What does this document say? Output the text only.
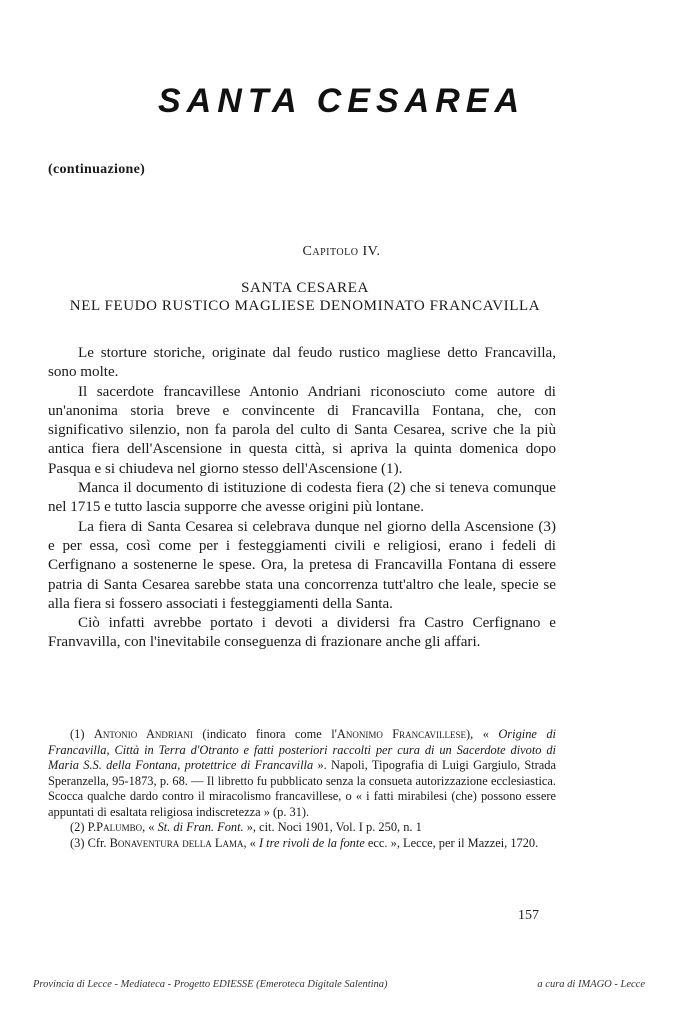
SANTA CESAREA
(continuazione)
Capitolo IV.
SANTA CESAREA
NEL FEUDO RUSTICO MAGLIESE DENOMINATO FRANCAVILLA

Le storture storiche, originate dal feudo rustico magliese detto Francavilla, sono molte.

Il sacerdote francavillese Antonio Andriani riconosciuto come autore di un'anonima storia breve e convincente di Francavilla Fontana, che, con significativo silenzio, non fa parola del culto di Santa Cesarea, scrive che la più antica fiera dell'Ascensione in questa città, si apriva la quinta domenica dopo Pasqua e si chiudeva nel giorno stesso dell'Ascensione (1).

Manca il documento di istituzione di codesta fiera (2) che si teneva comunque nel 1715 e tutto lascia supporre che avesse origini più lontane.

La fiera di Santa Cesarea si celebrava dunque nel giorno della Ascensione (3) e per essa, così come per i festeggiamenti civili e religiosi, erano i fedeli di Cerfignano a sostenerne le spese. Ora, la pretesa di Francavilla Fontana di essere patria di Santa Cesarea sarebbe stata una concorrenza tutt'altro che leale, specie se alla fiera si fossero associati i festeggiamenti della Santa.

Ciò infatti avrebbe portato i devoti a dividersi fra Castro Cerfignano e Franvavilla, con l'inevitabile conseguenza di frazionare anche gli affari.

(1) Antonio Andriani (indicato finora come l'Anonimo Francavillese), « Origine di Francavilla, Città in Terra d'Otranto e fatti posteriori raccolti per cura di un Sacerdote divoto di Maria S.S. della Fontana, protettrice di Francavilla ». Napoli, Tipografia di Luigi Gargiulo, Strada Speranzella, 95-1873, p. 68. — Il libretto fu pubblicato senza la consueta autorizzazione ecclesiastica. Scocca qualche dardo contro il miracolismo francavillese, o « i fatti mirabilesi (che) possono essere appuntati di esaltata religiosa indiscretezza » (p. 31).

(2) P.Palumbo, « St. di Fran. Font. », cit. Noci 1901, Vol. I p. 250, n. 1

(3) Cfr. Bonaventura della Lama, « I tre rivoli de la fonte ecc. », Lecce, per il Mazzei, 1720.

157
Provincia di Lecce - Mediateca - Progetto EDIESSE (Emeroteca Digitale Salentina)	a cura di IMAGO - Lecce
